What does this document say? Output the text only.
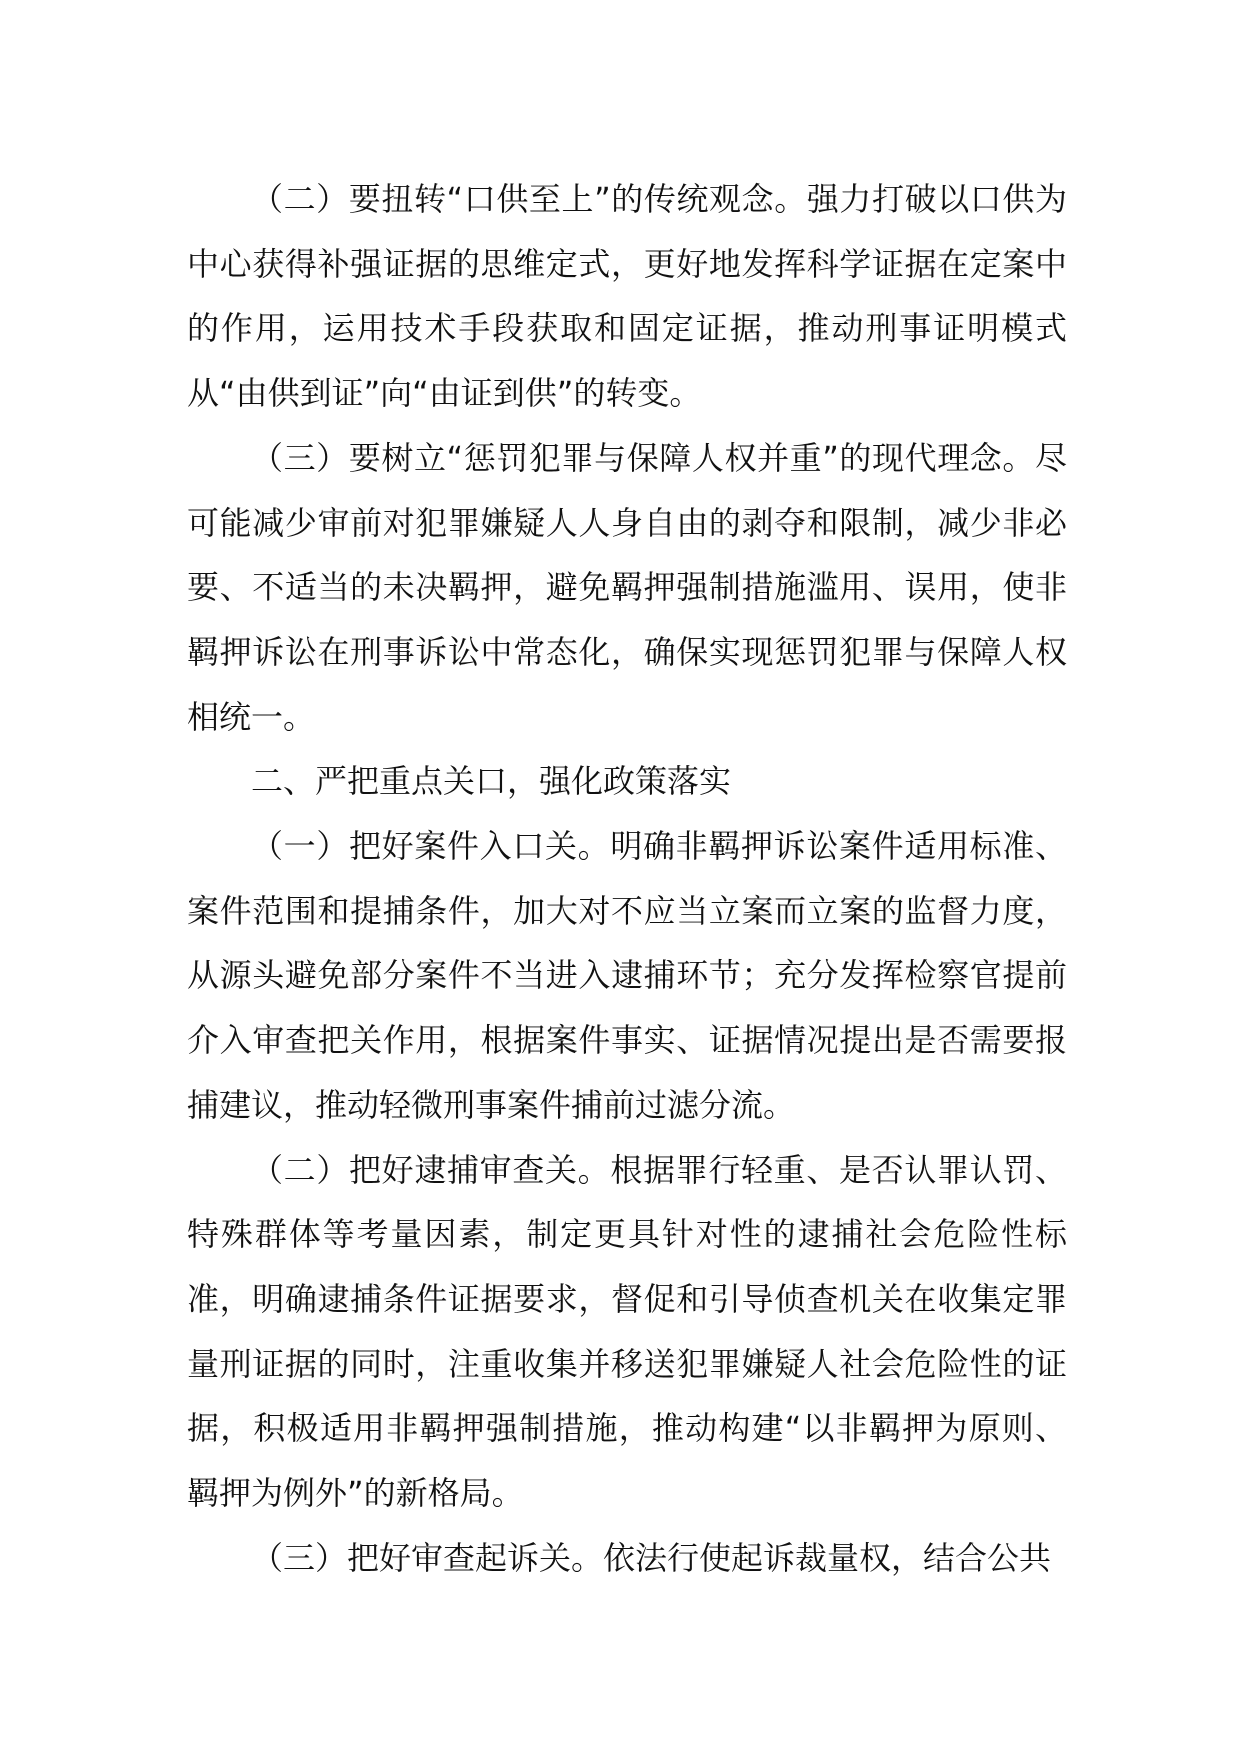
（二）要扭转“口供至上”的传统观念。强力打破以口供为中心获得补强证据的思维定式，更好地发挥科学证据在定案中的作用，运用技术手段获取和固定证据，推动刑事证明模式从“由供到证”向“由证到供”的转变。

（三）要树立“惩罚犯罪与保障人权并重”的现代理念。尽可能减少审前对犯罪嫌疑人人身自由的剥夺和限制，减少非必要、不适当的未决羁押，避免羁押强制措施滥用、误用，使非羁押诉讼在刑事诉讼中常态化，确保实现惩罚犯罪与保障人权相统一。

二、严把重点关口，强化政策落实

（一）把好案件入口关。明确非羁押诉讼案件适用标准、案件范围和提捕条件，加大对不应当立案而立案的监督力度，从源头避免部分案件不当进入逮捕环节；充分发挥检察官提前介入审查把关作用，根据案件事实、证据情况提出是否需要报捕建议，推动轻微刑事案件捕前过滤分流。

（二）把好逮捕审查关。根据罪行轻重、是否认罪认罚、特殊群体等考量因素，制定更具针对性的逮捕社会危险性标准，明确逮捕条件证据要求，督促和引导侦查机关在收集定罪量刑证据的同时，注重收集并移送犯罪嫌疑人社会危险性的证据，积极适用非羁押强制措施，推动构建“以非羁押为原则、羁押为例外”的新格局。

（三）把好审查起诉关。依法行使起诉裁量权，结合公共
